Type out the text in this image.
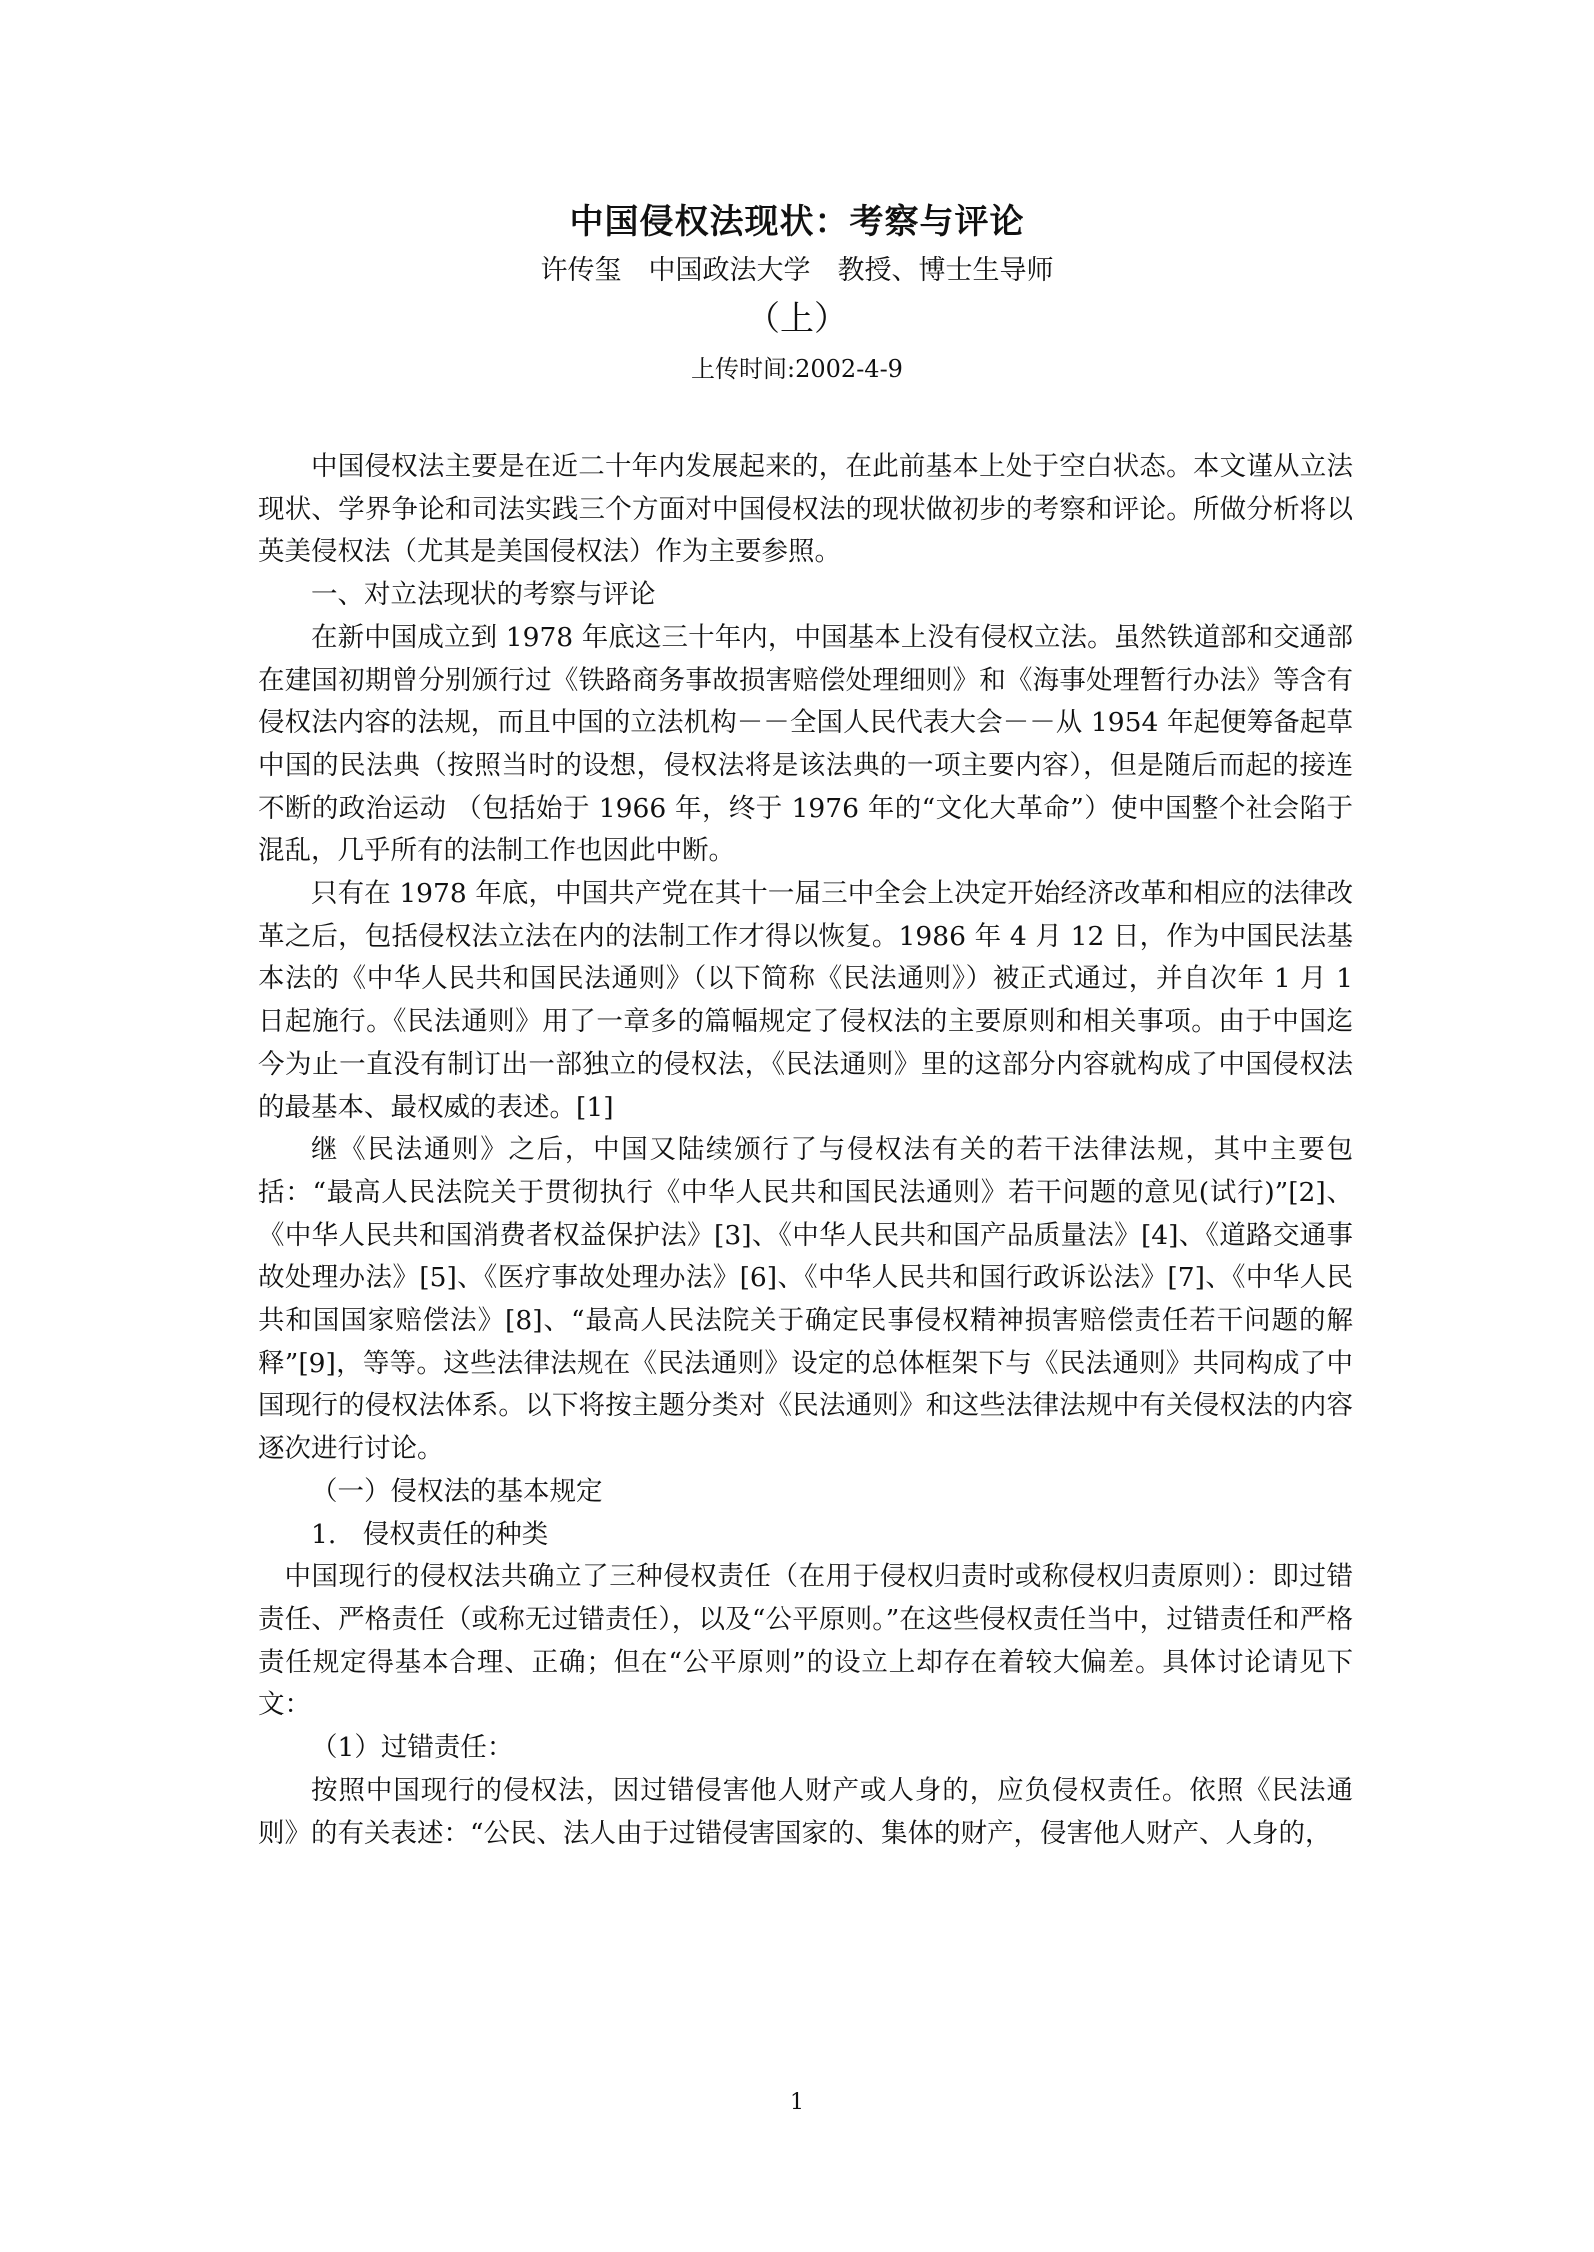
中国侵权法现状：考察与评论
许传玺　中国政法大学　教授、博士生导师
（上）
上传时间:2002-4-9

中国侵权法主要是在近二十年内发展起来的，在此前基本上处于空白状态。本文谨从立法现状、学界争论和司法实践三个方面对中国侵权法的现状做初步的考察和评论。所做分析将以英美侵权法（尤其是美国侵权法）作为主要参照。

一、对立法现状的考察与评论

在新中国成立到 1978 年底这三十年内，中国基本上没有侵权立法。虽然铁道部和交通部在建国初期曾分别颁行过《铁路商务事故损害赔偿处理细则》和《海事处理暂行办法》等含有侵权法内容的法规，而且中国的立法机构－－全国人民代表大会－－从 1954 年起便筹备起草中国的民法典（按照当时的设想，侵权法将是该法典的一项主要内容），但是随后而起的接连不断的政治运动 （包括始于 1966 年，终于 1976 年的“文化大革命”）使中国整个社会陷于混乱，几乎所有的法制工作也因此中断。

只有在 1978 年底，中国共产党在其十一届三中全会上决定开始经济改革和相应的法律改革之后，包括侵权法立法在内的法制工作才得以恢复。1986 年 4 月 12 日，作为中国民法基本法的《中华人民共和国民法通则》（以下简称《民法通则》）被正式通过，并自次年 1 月 1 日起施行。《民法通则》用了一章多的篇幅规定了侵权法的主要原则和相关事项。由于中国迄今为止一直没有制订出一部独立的侵权法，《民法通则》里的这部分内容就构成了中国侵权法的最基本、最权威的表述。[1]

继《民法通则》之后，中国又陆续颁行了与侵权法有关的若干法律法规，其中主要包括：“最高人民法院关于贯彻执行《中华人民共和国民法通则》若干问题的意见(试行)”[2]、《中华人民共和国消费者权益保护法》[3]、《中华人民共和国产品质量法》[4]、《道路交通事故处理办法》[5]、《医疗事故处理办法》[6]、《中华人民共和国行政诉讼法》[7]、《中华人民共和国国家赔偿法》[8]、“最高人民法院关于确定民事侵权精神损害赔偿责任若干问题的解释”[9]，等等。这些法律法规在《民法通则》设定的总体框架下与《民法通则》共同构成了中国现行的侵权法体系。以下将按主题分类对《民法通则》和这些法律法规中有关侵权法的内容逐次进行讨论。

（一）侵权法的基本规定

1.　侵权责任的种类

中国现行的侵权法共确立了三种侵权责任（在用于侵权归责时或称侵权归责原则）：即过错责任、严格责任（或称无过错责任），以及“公平原则。”在这些侵权责任当中，过错责任和严格责任规定得基本合理、正确；但在“公平原则”的设立上却存在着较大偏差。具体讨论请见下文：

（1）过错责任：

按照中国现行的侵权法，因过错侵害他人财产或人身的，应负侵权责任。依照《民法通则》的有关表述：“公民、法人由于过错侵害国家的、集体的财产，侵害他人财产、人身的，

1
